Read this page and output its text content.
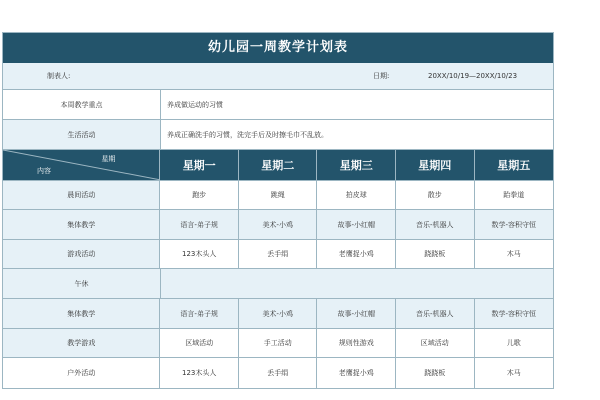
幼儿园一周教学计划表
制表人:	日期:	20XX/10/19—20XX/10/23
本周教学重点	养成做运动的习惯
生活活动	养成正确洗手的习惯，洗完手后及时擦毛巾不乱放。
星期
内容	星期一	星期二	星期三	星期四	星期五
晨间活动	跑步	跳绳	拍皮球	散步	跆拳道
集体教学	语言-弟子规	美术-小鸡	故事-小红帽	音乐-机器人	数学-容积守恒
游戏活动	123木头人	丢手绢	老鹰捉小鸡	跷跷板	木马
午休
集体教学	语言-弟子规	美术-小鸡	故事-小红帽	音乐-机器人	数学-容积守恒
教学游戏	区域活动	手工活动	规则性游戏	区域活动	儿歌
户外活动	123木头人	丢手绢	老鹰捉小鸡	跷跷板	木马
